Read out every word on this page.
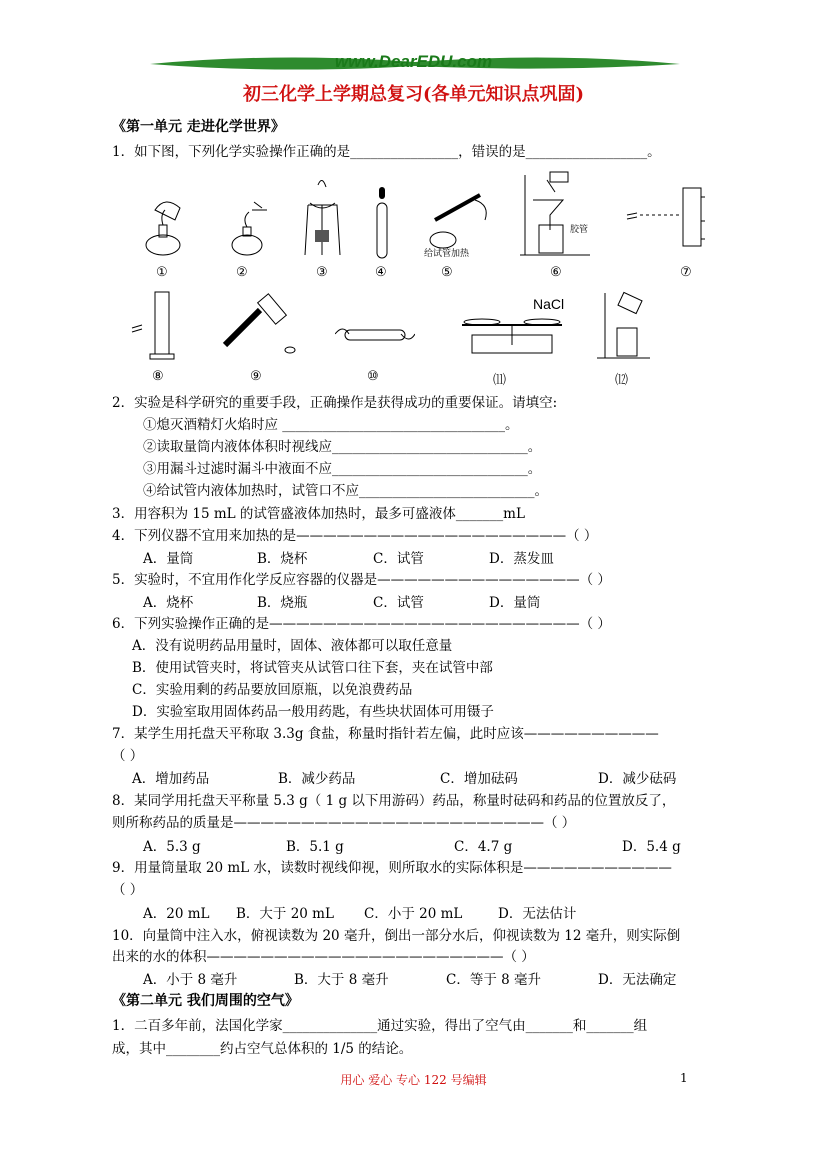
www.DearEDU.com
初三化学上学期总复习(各单元知识点巩固)
《第一单元 走进化学世界》
1．如下图，下列化学实验操作正确的是________________，错误的是__________________。
给试管加热
胶管
①	②	③	④	⑤	⑥	⑦
NaCl
⑧	⑨	⑩	⑾	⑿
2．实验是科学研究的重要手段，正确操作是获得成功的重要保证。请填空:
①熄灭酒精灯火焰时应 _________________________________。
②读取量筒内液体体积时视线应_____________________________。
③用漏斗过滤时漏斗中液面不应_____________________________。
④给试管内液体加热时，试管口不应__________________________。
3．用容积为 15 mL 的试管盛液体加热时，最多可盛液体_______mL
4．下列仪器不宜用来加热的是————————————————————（ ）
A．量筒	B．烧杯	C．试管	D．蒸发皿
5．实验时，不宜用作化学反应容器的仪器是———————————————（ ）
A．烧杯	B．烧瓶	C．试管	D．量筒
6．下列实验操作正确的是———————————————————————（ ）
A．没有说明药品用量时，固体、液体都可以取任意量
B．使用试管夹时，将试管夹从试管口往下套，夹在试管中部
C．实验用剩的药品要放回原瓶，以免浪费药品
D．实验室取用固体药品一般用药匙，有些块状固体可用镊子
7．某学生用托盘天平称取 3.3g 食盐，称量时指针若左偏，此时应该——————————
（ ）
A．增加药品	B．减少药品	C．增加砝码	D．减少砝码
8．某同学用托盘天平称量 5.3 g（ 1 g 以下用游码）药品，称量时砝码和药品的位置放反了，
则所称药品的质量是———————————————————————（ ）
A．5.3 g	B．5.1 g	C．4.7 g	D．5.4 g
9．用量筒量取 20 mL 水，读数时视线仰视，则所取水的实际体积是———————————
（ ）
A．20 mL B．大于 20 mL C．小于 20 mL	D．无法估计
10．向量筒中注入水，俯视读数为 20 毫升，倒出一部分水后，仰视读数为 12 毫升，则实际倒
出来的水的体积——————————————————————（ ）
A．小于 8 毫升	B．大于 8 毫升	C．等于 8 毫升	D．无法确定
《第二单元 我们周围的空气》
1．二百多年前，法国化学家______________通过实验，得出了空气由_______和_______组
成，其中________约占空气总体积的 1/5 的结论。
用心 爱心 专心 122 号编辑	1
